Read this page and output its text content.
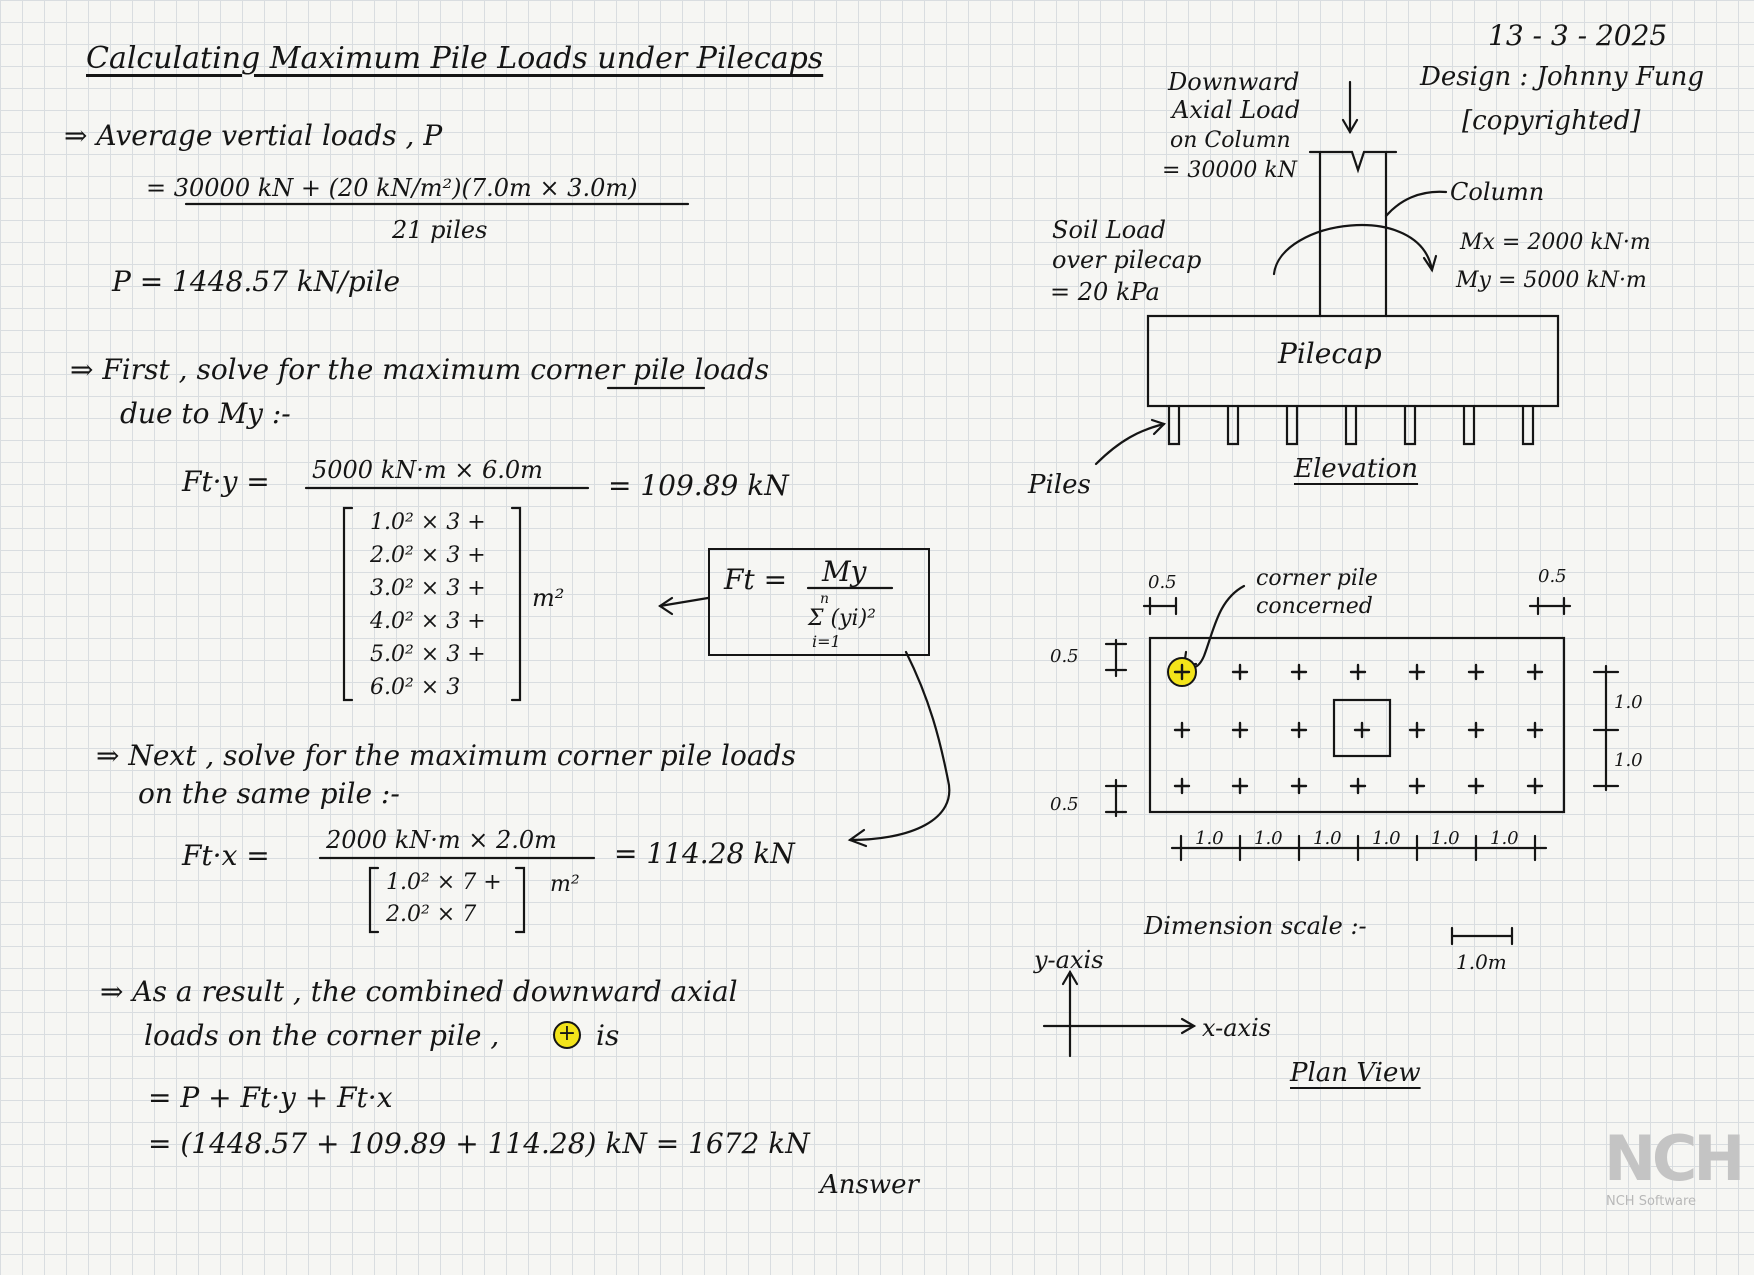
Calculating Maximum Pile Loads under Pilecaps
13 - 3 - 2025
Design : Johnny Fung
[copyrighted]
⇒ Average vertial loads , P
= 30000 kN + (20 kN/m²)(7.0m × 3.0m)
21 piles
P = 1448.57 kN/pile
⇒ First , solve for the maximum corner pile loads
due to My :-
Ft·y = 5000 kN·m × 6.0m = 109.89 kN
1.0² × 3 +
2.0² × 3 +
3.0² × 3 +
4.0² × 3 +
5.0² × 3 +
6.0² × 3
m²
Ft = My
n
Σ (yi)²
i=1
⇒ Next , solve for the maximum corner pile loads
on the same pile :-
Ft·x = 2000 kN·m × 2.0m = 114.28 kN
1.0² × 7 +
2.0² × 7
m²
⇒ As a result , the combined downward axial
loads on the corner pile ,	+ is
= P + Ft·y + Ft·x
= (1448.57 + 109.89 + 114.28) kN = 1672 kN
Answer
Downward
Axial Load
on Column
= 30000 kN
Column
Mx = 2000 kN·m
My = 5000 kN·m
Soil Load
over pilecap
= 20 kPa
Pilecap
Piles
Elevation
0.5	0.5
0.5
0.5
corner pile
concerned
1.0
1.0
1.0 1.0 1.0 1.0 1.0 1.0
Dimension scale :-
1.0m
y-axis
x-axis
Plan View
NCH
NCH Software
